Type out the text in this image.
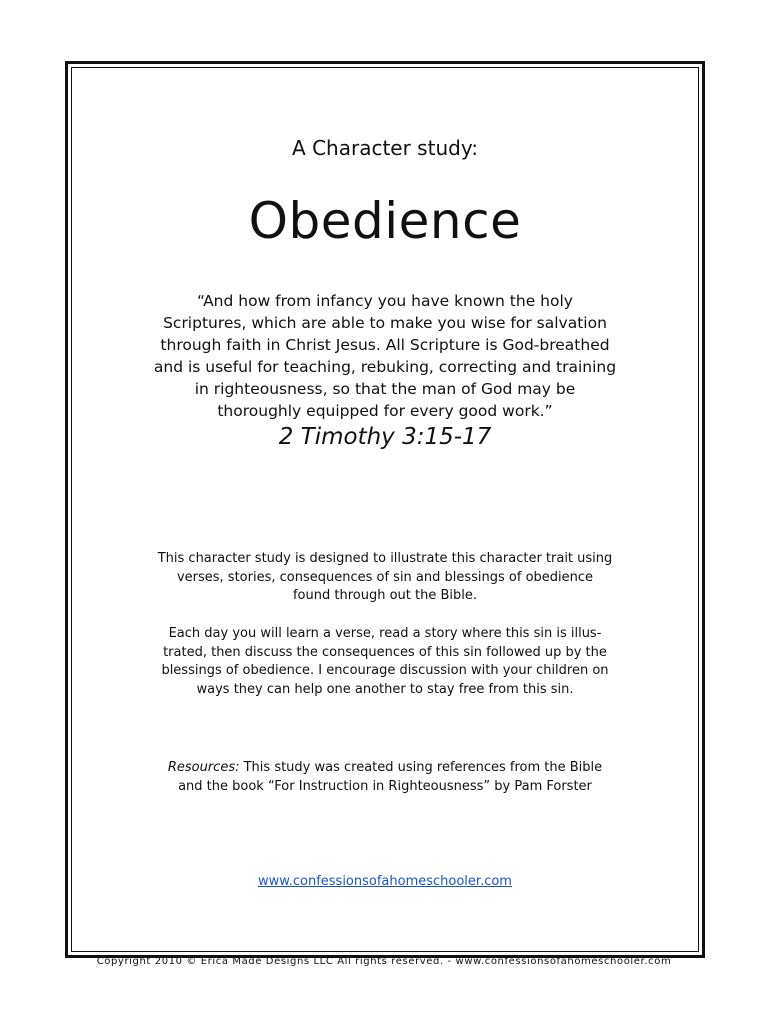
A Character study:
Obedience
“And how from infancy you have known the holy
Scriptures, which are able to make you wise for salvation
through faith in Christ Jesus. All Scripture is God-breathed
and is useful for teaching, rebuking, correcting and training
in righteousness, so that the man of God may be
thoroughly equipped for every good work.”
2 Timothy 3:15-17
This character study is designed to illustrate this character trait using
verses, stories, consequences of sin and blessings of obedience
found through out the Bible.
Each day you will learn a verse, read a story where this sin is illus-
trated, then discuss the consequences of this sin followed up by the
blessings of obedience. I encourage discussion with your children on
ways they can help one another to stay free from this sin.
Resources: This study was created using references from the Bible
and the book “For Instruction in Righteousness” by Pam Forster
www.confessionsofahomeschooler.com
Copyright 2010 © Erica Made Designs LLC All rights reserved. - www.confessionsofahomeschooler.com
